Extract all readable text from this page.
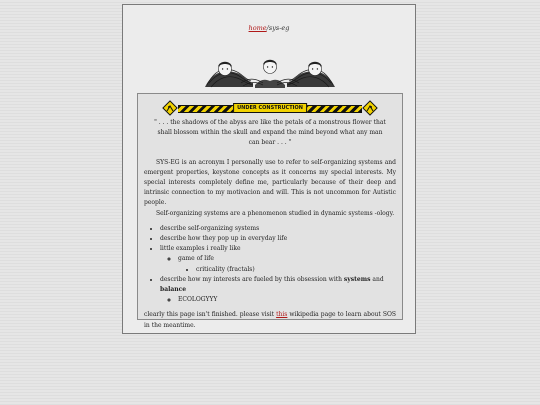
home/sys-eg
UNDER CONSTRUCTION
" . . . the shadows of the abyss are like the petals of a monstrous flower that shall blossom within the skull and expand the mind beyond what any man can bear . . . "

SYS-EG is an acronym I personally use to refer to self-organizing systems and emergent properties, keystone concepts as it concerns my special interests. My special interests completely define me, particularly because of their deep and intrinsic connection to my motivacion and will. This is not uncommon for Autistic people.

Self-organizing systems are a phenomenon studied in dynamic systems -ology.

• describe self-organizing systems
• describe how they pop up in everyday life
• little examples i really like
◦ game of life
• criticality (fractals)
• describe how my interests are fueled by this obsession with systems and balance
◦ ECOLOGYYY

clearly this page isn't finished. please visit this wikipedia page to learn about SOS in the meantime.
